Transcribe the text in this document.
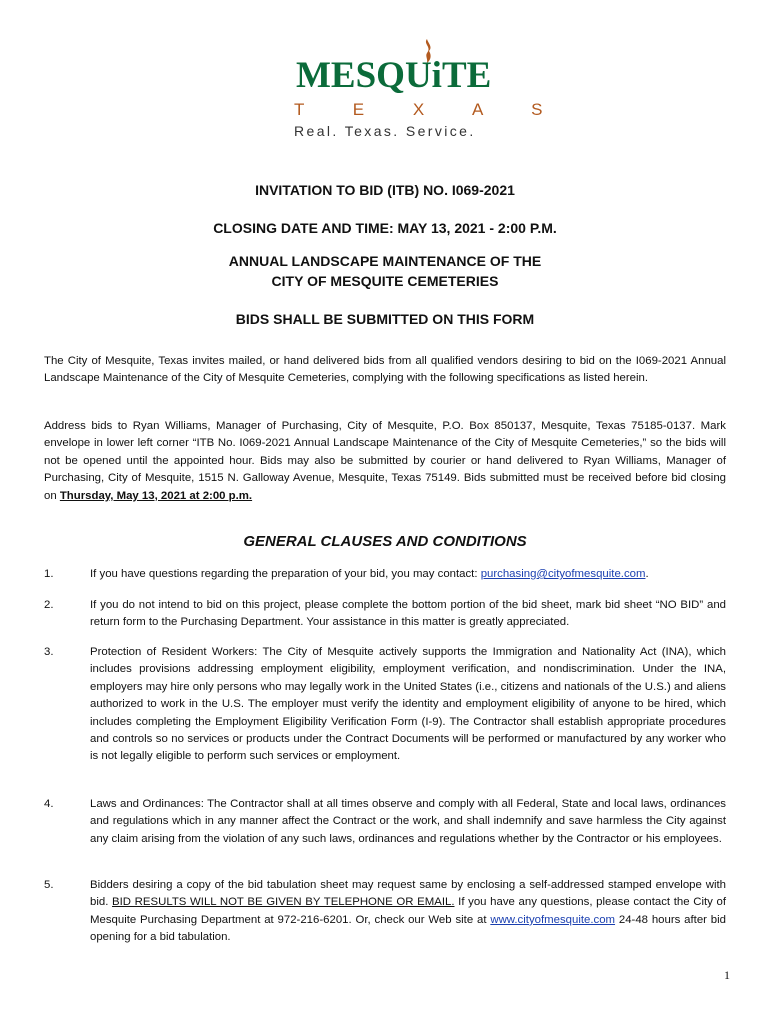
MESQUiTE
T E X A S
Real. Texas. Service.
INVITATION TO BID (ITB) NO. I069-2021
CLOSING DATE AND TIME: MAY 13, 2021 - 2:00 P.M.
ANNUAL LANDSCAPE MAINTENANCE OF THE
CITY OF MESQUITE CEMETERIES
BIDS SHALL BE SUBMITTED ON THIS FORM
The City of Mesquite, Texas invites mailed, or hand delivered bids from all qualified vendors desiring to bid on the I069-2021 Annual Landscape Maintenance of the City of Mesquite Cemeteries, complying with the following specifications as listed herein.
Address bids to Ryan Williams, Manager of Purchasing, City of Mesquite, P.O. Box 850137, Mesquite, Texas 75185-0137. Mark envelope in lower left corner “ITB No. I069-2021 Annual Landscape Maintenance of the City of Mesquite Cemeteries,” so the bids will not be opened until the appointed hour. Bids may also be submitted by courier or hand delivered to Ryan Williams, Manager of Purchasing, City of Mesquite, 1515 N. Galloway Avenue, Mesquite, Texas 75149. Bids submitted must be received before bid closing on Thursday, May 13, 2021 at 2:00 p.m.
GENERAL CLAUSES AND CONDITIONS
1.	If you have questions regarding the preparation of your bid, you may contact: purchasing@cityofmesquite.com.
2.	If you do not intend to bid on this project, please complete the bottom portion of the bid sheet, mark bid sheet “NO BID” and return form to the Purchasing Department. Your assistance in this matter is greatly appreciated.
3.	Protection of Resident Workers: The City of Mesquite actively supports the Immigration and Nationality Act (INA), which includes provisions addressing employment eligibility, employment verification, and nondiscrimination. Under the INA, employers may hire only persons who may legally work in the United States (i.e., citizens and nationals of the U.S.) and aliens authorized to work in the U.S. The employer must verify the identity and employment eligibility of anyone to be hired, which includes completing the Employment Eligibility Verification Form (I-9). The Contractor shall establish appropriate procedures and controls so no services or products under the Contract Documents will be performed or manufactured by any worker who is not legally eligible to perform such services or employment.
4.	Laws and Ordinances: The Contractor shall at all times observe and comply with all Federal, State and local laws, ordinances and regulations which in any manner affect the Contract or the work, and shall indemnify and save harmless the City against any claim arising from the violation of any such laws, ordinances and regulations whether by the Contractor or his employees.
5.	Bidders desiring a copy of the bid tabulation sheet may request same by enclosing a self-addressed stamped envelope with bid. BID RESULTS WILL NOT BE GIVEN BY TELEPHONE OR EMAIL. If you have any questions, please contact the City of Mesquite Purchasing Department at 972-216-6201. Or, check our Web site at www.cityofmesquite.com 24-48 hours after bid opening for a bid tabulation.
1
